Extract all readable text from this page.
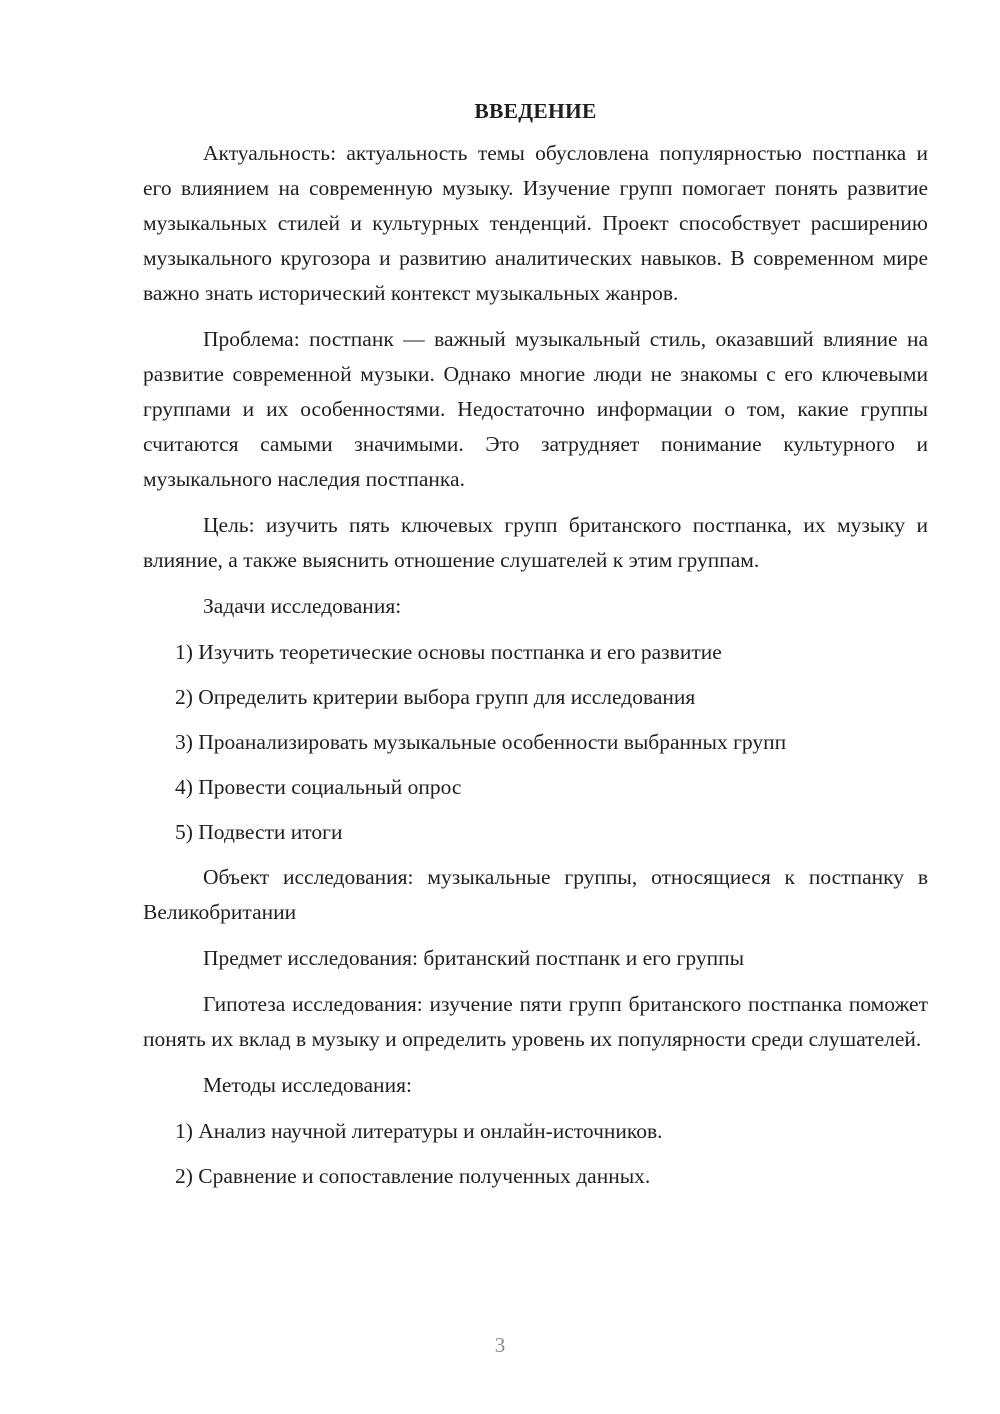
ВВЕДЕНИЕ

Актуальность: актуальность темы обусловлена популярностью постпанка и его влиянием на современную музыку. Изучение групп помогает понять развитие музыкальных стилей и культурных тенденций. Проект способствует расширению музыкального кругозора и развитию аналитических навыков. В современном мире важно знать исторический контекст музыкальных жанров.

Проблема: постпанк — важный музыкальный стиль, оказавший влияние на развитие современной музыки. Однако многие люди не знакомы с его ключевыми группами и их особенностями. Недостаточно информации о том, какие группы считаются самыми значимыми. Это затрудняет понимание культурного и музыкального наследия постпанка.

Цель: изучить пять ключевых групп британского постпанка, их музыку и влияние, а также выяснить отношение слушателей к этим группам.

Задачи исследования:

1) Изучить теоретические основы постпанка и его развитие
2) Определить критерии выбора групп для исследования
3) Проанализировать музыкальные особенности выбранных групп
4) Провести социальный опрос
5) Подвести итоги

Объект исследования: музыкальные группы, относящиеся к постпанку в Великобритании

Предмет исследования: британский постпанк и его группы

Гипотеза исследования: изучение пяти групп британского постпанка поможет понять их вклад в музыку и определить уровень их популярности среди слушателей.

Методы исследования:

1) Анализ научной литературы и онлайн-источников.
2) Сравнение и сопоставление полученных данных.
3
